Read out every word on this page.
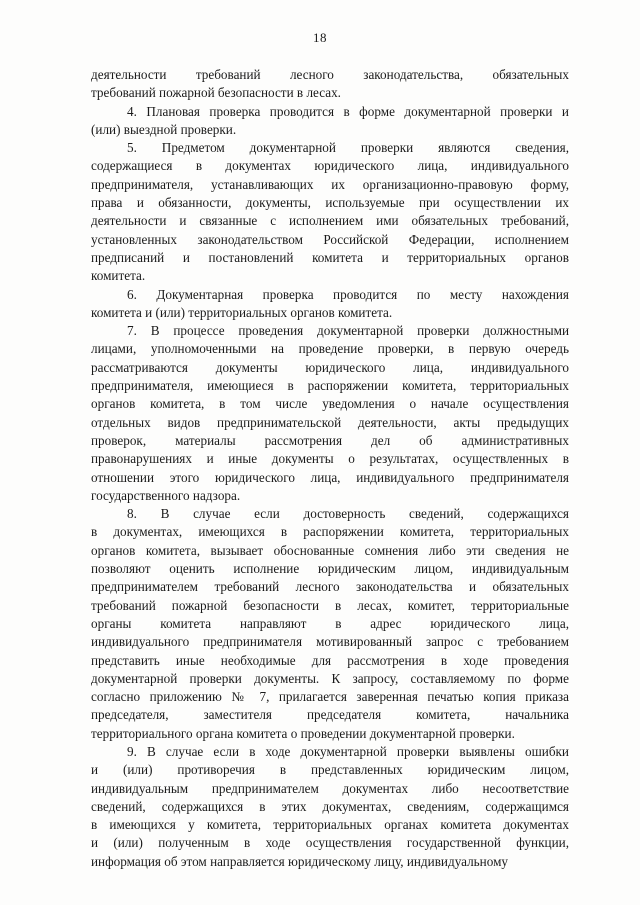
18
деятельности требований лесного законодательства, обязательных
требований пожарной безопасности в лесах.
4. Плановая проверка проводится в форме документарной проверки и
(или) выездной проверки.
5. Предметом документарной проверки являются сведения,
содержащиеся в документах юридического лица, индивидуального
предпринимателя, устанавливающих их организационно-правовую форму,
права и обязанности, документы, используемые при осуществлении их
деятельности и связанные с исполнением ими обязательных требований,
установленных законодательством Российской Федерации, исполнением
предписаний и постановлений комитета и территориальных органов
комитета.
6. Документарная проверка проводится по месту нахождения
комитета и (или) территориальных органов комитета.
7. В процессе проведения документарной проверки должностными
лицами, уполномоченными на проведение проверки, в первую очередь
рассматриваются документы юридического лица, индивидуального
предпринимателя, имеющиеся в распоряжении комитета, территориальных
органов комитета, в том числе уведомления о начале осуществления
отдельных видов предпринимательской деятельности, акты предыдущих
проверок, материалы рассмотрения дел об административных
правонарушениях и иные документы о результатах, осуществленных в
отношении этого юридического лица, индивидуального предпринимателя
государственного надзора.
8. В случае если достоверность сведений, содержащихся
в документах, имеющихся в распоряжении комитета, территориальных
органов комитета, вызывает обоснованные сомнения либо эти сведения не
позволяют оценить исполнение юридическим лицом, индивидуальным
предпринимателем требований лесного законодательства и обязательных
требований пожарной безопасности в лесах, комитет, территориальные
органы комитета направляют в адрес юридического лица,
индивидуального предпринимателя мотивированный запрос с требованием
представить иные необходимые для рассмотрения в ходе проведения
документарной проверки документы. К запросу, составляемому по форме
согласно приложению № 7, прилагается заверенная печатью копия приказа
председателя, заместителя председателя комитета, начальника
территориального органа комитета о проведении документарной проверки.
9. В случае если в ходе документарной проверки выявлены ошибки
и (или) противоречия в представленных юридическим лицом,
индивидуальным предпринимателем документах либо несоответствие
сведений, содержащихся в этих документах, сведениям, содержащимся
в имеющихся у комитета, территориальных органах комитета документах
и (или) полученным в ходе осуществления государственной функции,
информация об этом направляется юридическому лицу, индивидуальному
